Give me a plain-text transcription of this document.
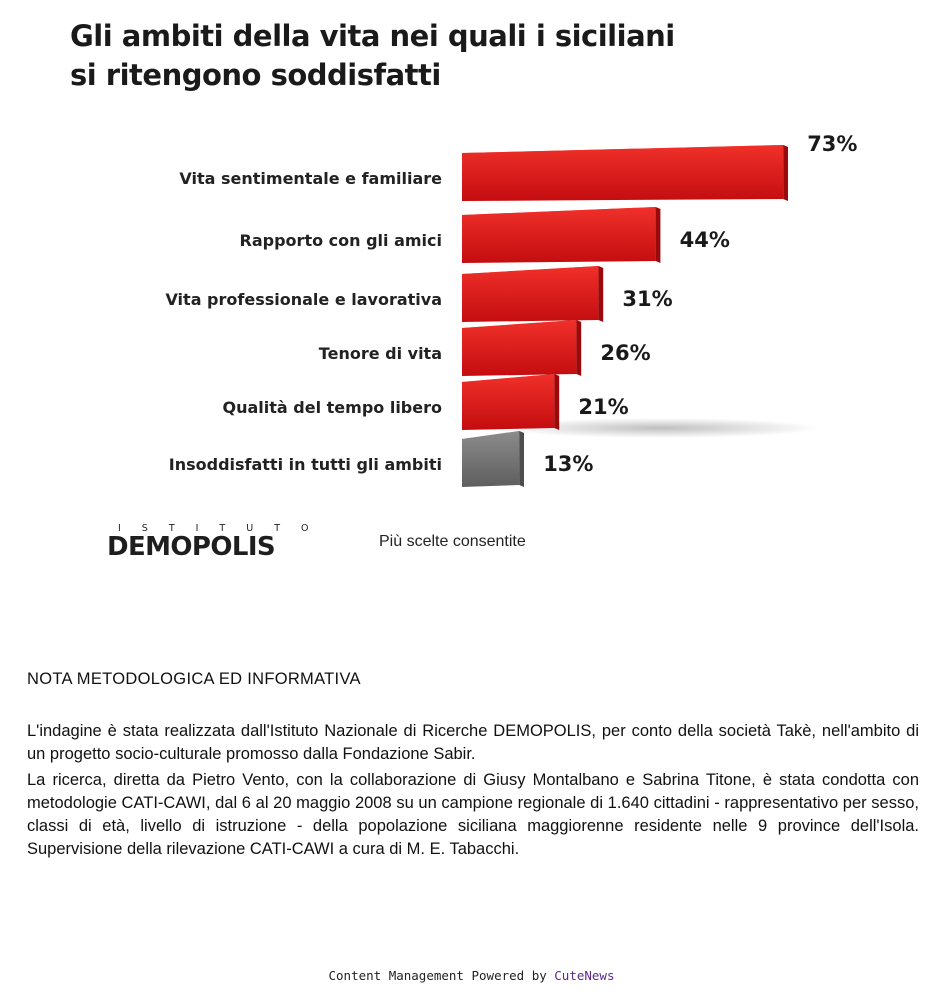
Gli ambiti della vita nei quali i siciliani
si ritengono soddisfatti
Vita sentimentale e familiare
73%
Rapporto con gli amici	44%
Vita professionale e lavorativa	31%
Tenore di vita	26%
Qualità del tempo libero	21%
Insoddisfatti in tutti gli ambiti	13%
ISTITUTO
DEMOPOLIS	Più scelte consentite
NOTA METODOLOGICA ED INFORMATIVA
L'indagine è stata realizzata dall'Istituto Nazionale di Ricerche DEMOPOLIS, per conto della società Takè, nell'ambito di un progetto socio-culturale promosso dalla Fondazione Sabir.
La ricerca, diretta da Pietro Vento, con la collaborazione di Giusy Montalbano e Sabrina Titone, è stata condotta con metodologie CATI-CAWI, dal 6 al 20 maggio 2008 su un campione regionale di 1.640 cittadini - rappresentativo per sesso, classi di età, livello di istruzione - della popolazione siciliana maggiorenne residente nelle 9 province dell'Isola. Supervisione della rilevazione CATI-CAWI a cura di M. E. Tabacchi.
Content Management Powered by CuteNews
